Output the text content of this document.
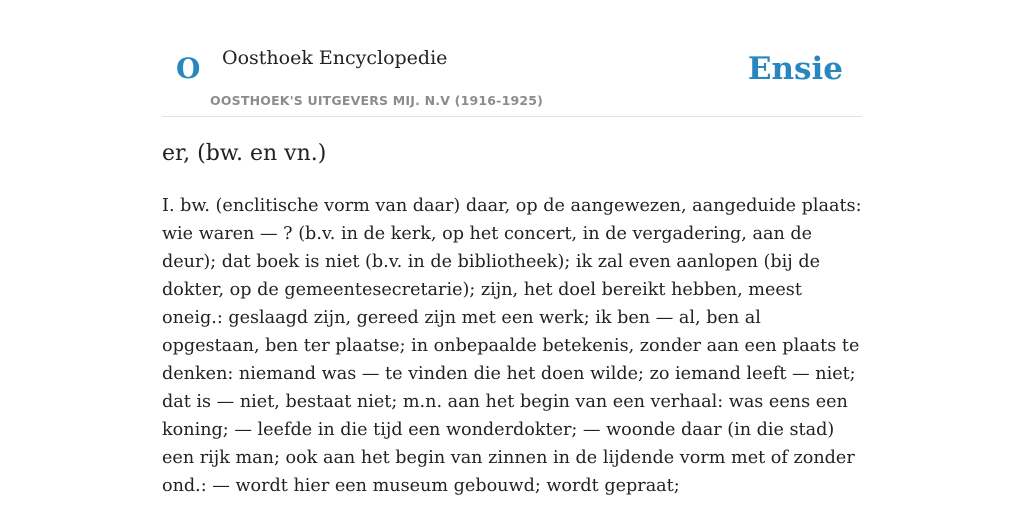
O Oosthoek Encyclopedie
OOSTHOEK'S UITGEVERS MIJ. N.V (1916-1925)
Ensie
er, (bw. en vn.)

I. bw. (enclitische vorm van daar) daar, op de aangewezen, aangeduide plaats: wie waren — ? (b.v. in de kerk, op het concert, in de vergadering, aan de deur); dat boek is niet (b.v. in de bibliotheek); ik zal even aanlopen (bij de dokter, op de gemeentesecretarie); zijn, het doel bereikt hebben, meest oneig.: geslaagd zijn, gereed zijn met een werk; ik ben — al, ben al opgestaan, ben ter plaatse; in onbepaalde betekenis, zonder aan een plaats te denken: niemand was — te vinden die het doen wilde; zo iemand leeft — niet; dat is — niet, bestaat niet; m.n. aan het begin van een verhaal: was eens een koning; — leefde in die tijd een wonderdokter; — woonde daar (in die stad) een rijk man; ook aan het begin van zinnen in de lijdende vorm met of zonder ond.: — wordt hier een museum gebouwd; wordt gepraat;
